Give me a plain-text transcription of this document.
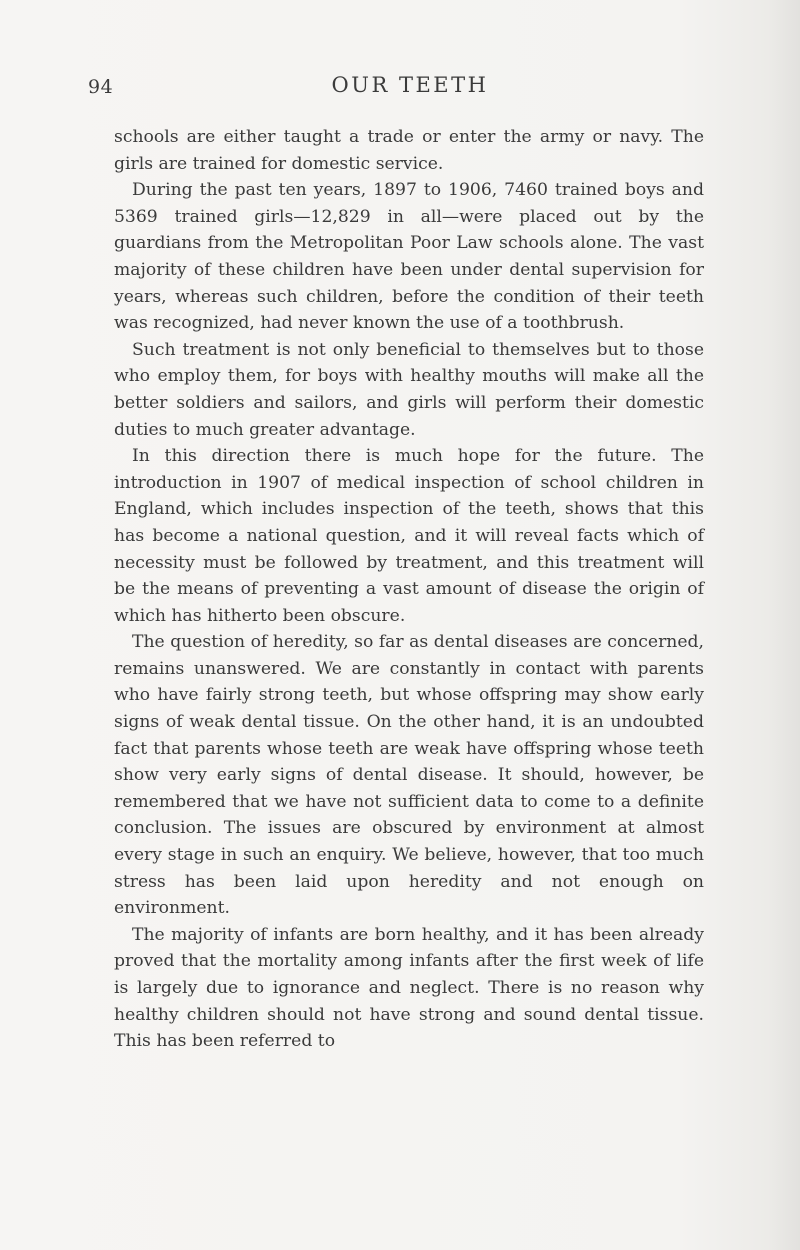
94	OUR TEETH

schools are either taught a trade or enter the army or navy. The girls are trained for domestic service.

During the past ten years, 1897 to 1906, 7460 trained boys and 5369 trained girls—12,829 in all—were placed out by the guardians from the Metropolitan Poor Law schools alone. The vast majority of these children have been under dental supervision for years, whereas such children, before the condition of their teeth was recognized, had never known the use of a toothbrush.

Such treatment is not only beneficial to themselves but to those who employ them, for boys with healthy mouths will make all the better soldiers and sailors, and girls will perform their domestic duties to much greater advantage.

In this direction there is much hope for the future. The introduction in 1907 of medical inspection of school children in England, which includes inspection of the teeth, shows that this has become a national question, and it will reveal facts which of necessity must be followed by treatment, and this treatment will be the means of preventing a vast amount of disease the origin of which has hitherto been obscure.

The question of heredity, so far as dental diseases are concerned, remains unanswered. We are constantly in contact with parents who have fairly strong teeth, but whose offspring may show early signs of weak dental tissue. On the other hand, it is an undoubted fact that parents whose teeth are weak have offspring whose teeth show very early signs of dental disease. It should, however, be remembered that we have not sufficient data to come to a definite conclusion. The issues are obscured by environment at almost every stage in such an enquiry. We believe, however, that too much stress has been laid upon heredity and not enough on environment.

The majority of infants are born healthy, and it has been already proved that the mortality among infants after the first week of life is largely due to ignorance and neglect. There is no reason why healthy children should not have strong and sound dental tissue. This has been referred to
